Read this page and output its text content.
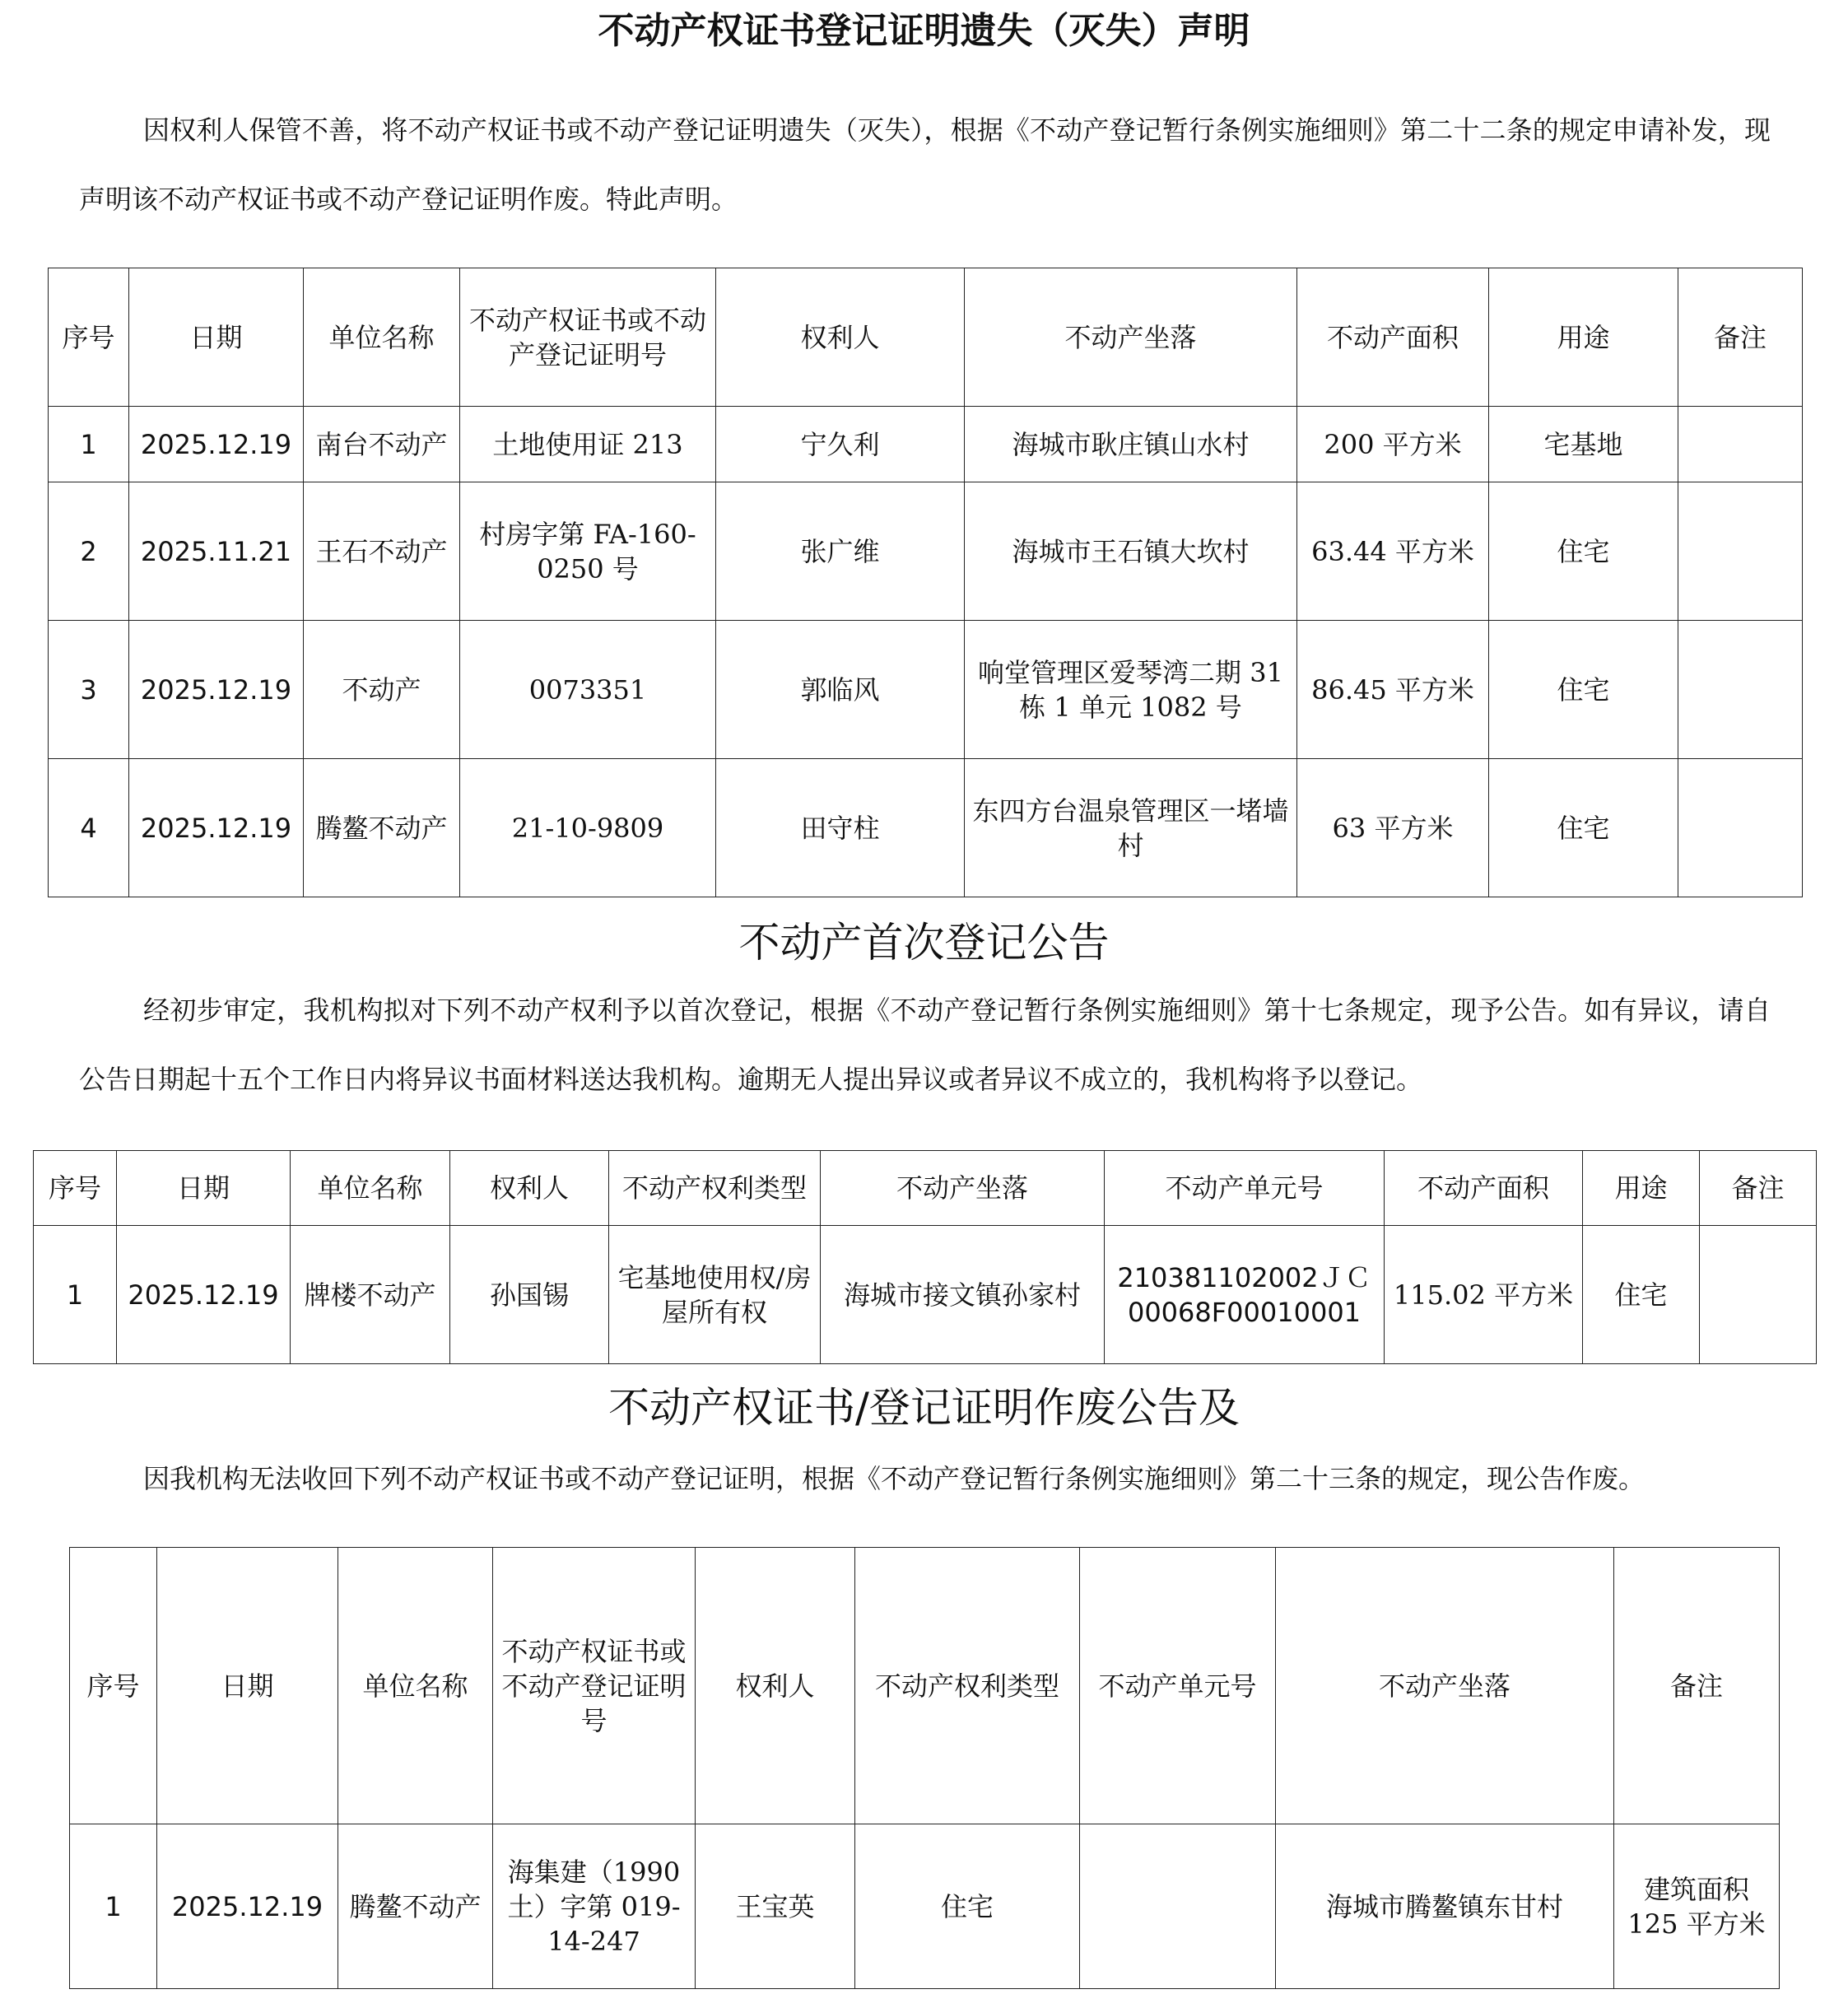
不动产权证书登记证明遗失（灭失）声明
因权利人保管不善，将不动产权证书或不动产登记证明遗失（灭失），根据《不动产登记暂行条例实施细则》第二十二条的规定申请补发，现声明该不动产权证书或不动产登记证明作废。特此声明。
序号	日期	单位名称	不动产权证书或不动产登记证明号	权利人	不动产坐落	不动产面积	用途	备注
1	2025.12.19	南台不动产	土地使用证 213	宁久利	海城市耿庄镇山水村	200 平方米	宅基地	
2	2025.11.21	王石不动产	村房字第 FA-160-0250 号	张广维	海城市王石镇大坎村	63.44 平方米	住宅	
3	2025.12.19	不动产	0073351	郭临风	响堂管理区爱琴湾二期 31 栋 1 单元 1082 号	86.45 平方米	住宅	
4	2025.12.19	腾鳌不动产	21-10-9809	田守柱	东四方台温泉管理区一堵墙村	63 平方米	住宅	
不动产首次登记公告
经初步审定，我机构拟对下列不动产权利予以首次登记，根据《不动产登记暂行条例实施细则》第十七条规定，现予公告。如有异议，请自公告日期起十五个工作日内将异议书面材料送达我机构。逾期无人提出异议或者异议不成立的，我机构将予以登记。
序号	日期	单位名称	权利人	不动产权利类型	不动产坐落	不动产单元号	不动产面积	用途	备注
1	2025.12.19	牌楼不动产	孙国锡	宅基地使用权/房屋所有权	海城市接文镇孙家村	210381102002ＪＣ00068F00010001	115.02 平方米	住宅	
不动产权证书/登记证明作废公告及
因我机构无法收回下列不动产权证书或不动产登记证明，根据《不动产登记暂行条例实施细则》第二十三条的规定，现公告作废。
序号	日期	单位名称	不动产权证书或不动产登记证明号	权利人	不动产权利类型	不动产单元号	不动产坐落	备注
1	2025.12.19	腾鳌不动产	海集建（1990土）字第 019-14-247	王宝英	住宅		海城市腾鳌镇东甘村	建筑面积 125 平方米
